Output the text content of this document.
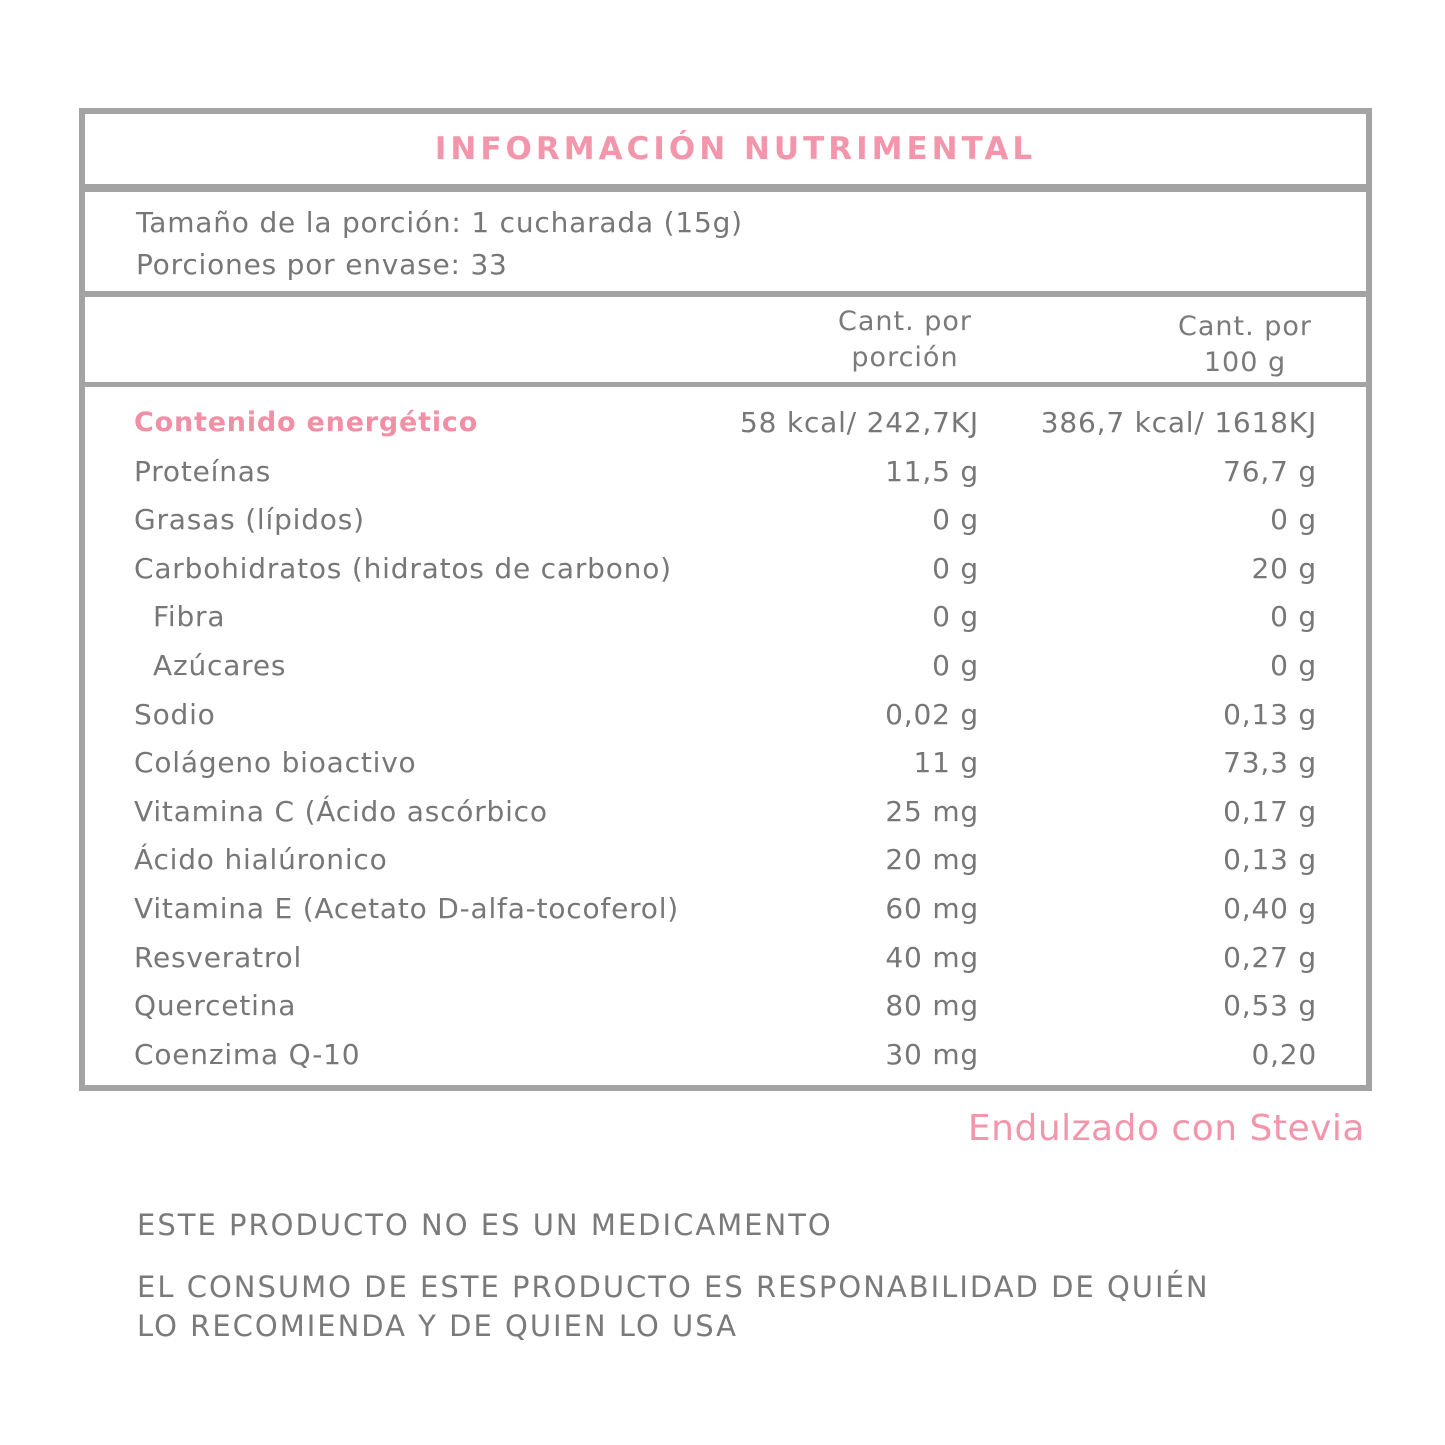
INFORMACIÓN NUTRIMENTAL
Tamaño de la porción: 1 cucharada (15g)
Porciones por envase: 33
Cant. por
porción
Cant. por
100 g
Contenido energético	58 kcal/ 242,7KJ 386,7 kcal/ 1618KJ
Proteínas	11,5 g	76,7 g
Grasas (lípidos)	0 g	0 g
Carbohidratos (hidratos de carbono)	0 g	20 g
Fibra	0 g	0 g
Azúcares	0 g	0 g
Sodio	0,02 g	0,13 g
Colágeno bioactivo	11 g	73,3 g
Vitamina C (Ácido ascórbico	25 mg	0,17 g
Ácido hialúronico	20 mg	0,13 g
Vitamina E (Acetato D-alfa-tocoferol)	60 mg	0,40 g
Resveratrol	40 mg	0,27 g
Quercetina	80 mg	0,53 g
Coenzima Q-10	30 mg	0,20
Endulzado con Stevia
ESTE PRODUCTO NO ES UN MEDICAMENTO
EL CONSUMO DE ESTE PRODUCTO ES RESPONABILIDAD DE QUIÉN
LO RECOMIENDA Y DE QUIEN LO USA
